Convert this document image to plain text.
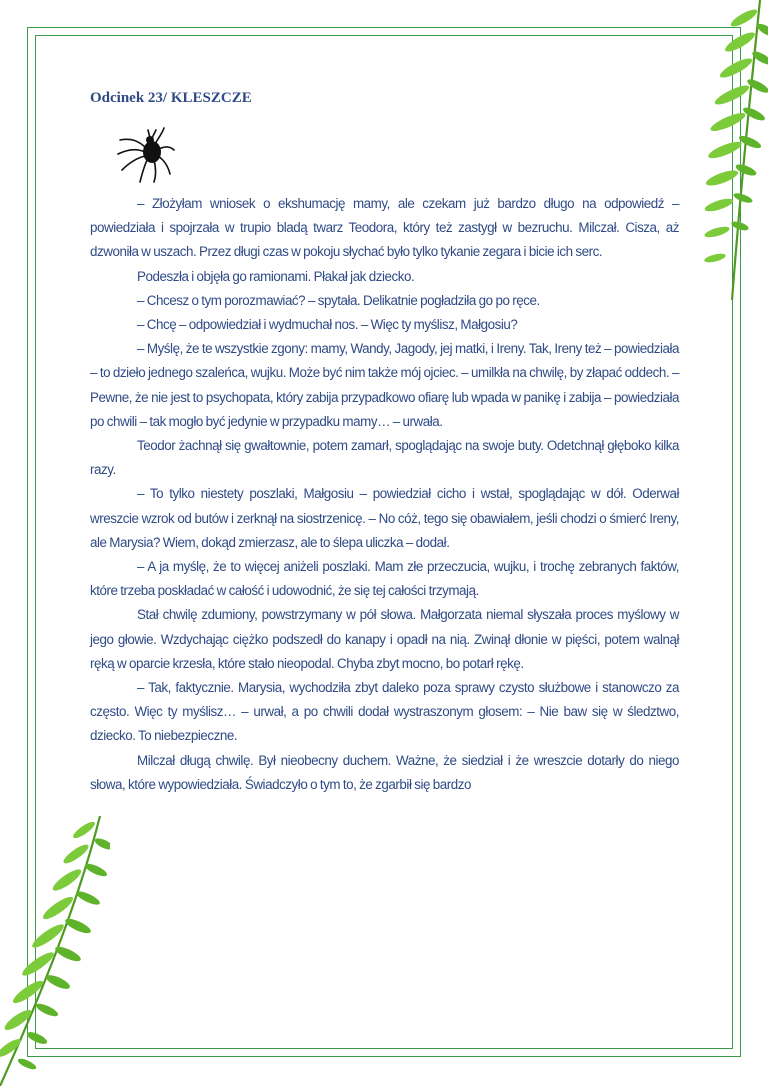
Odcinek 23/ KLESZCZE

– Złożyłam wniosek o ekshumację mamy, ale czekam już bardzo długo na odpowiedź – powiedziała i spojrzała w trupio bladą twarz Teodora, który też zastygł w bezruchu. Milczał. Cisza, aż dzwoniła w uszach. Przez długi czas w pokoju słychać było tylko tykanie zegara i bicie ich serc.

Podeszła i objęła go ramionami. Płakał jak dziecko.

– Chcesz o tym porozmawiać? – spytała. Delikatnie pogładziła go po ręce.

– Chcę – odpowiedział i wydmuchał nos. – Więc ty myślisz, Małgosiu?

– Myślę, że te wszystkie zgony: mamy, Wandy, Jagody, jej matki, i Ireny. Tak, Ireny też – powiedziała – to dzieło jednego szaleńca, wujku. Może być nim także mój ojciec. – umilkła na chwilę, by złapać oddech. – Pewne, że nie jest to psychopata, który zabija przypadkowo ofiarę lub wpada w panikę i zabija – powiedziała po chwili – tak mogło być jedynie w przypadku mamy… – urwała.

Teodor żachnął się gwałtownie, potem zamarł, spoglądając na swoje buty. Odetchnął głęboko kilka razy.

– To tylko niestety poszlaki, Małgosiu – powiedział cicho i wstał, spoglądając w dół. Oderwał wreszcie wzrok od butów i zerknął na siostrzenicę. – No cóż, tego się obawiałem, jeśli chodzi o śmierć Ireny, ale Marysia? Wiem, dokąd zmierzasz, ale to ślepa uliczka – dodał.

– A ja myślę, że to więcej aniżeli poszlaki. Mam złe przeczucia, wujku, i trochę zebranych faktów, które trzeba poskładać w całość i udowodnić, że się tej całości trzymają.

Stał chwilę zdumiony, powstrzymany w pół słowa. Małgorzata niemal słyszała proces myślowy w jego głowie. Wzdychając ciężko podszedł do kanapy i opadł na nią. Zwinął dłonie w pięści, potem walnął ręką w oparcie krzesła, które stało nieopodal. Chyba zbyt mocno, bo potarł rękę.

– Tak, faktycznie. Marysia, wychodziła zbyt daleko poza sprawy czysto służbowe i stanowczo za często. Więc ty myślisz… – urwał, a po chwili dodał wystraszonym głosem: – Nie baw się w śledztwo, dziecko. To niebezpieczne.

Milczał długą chwilę. Był nieobecny duchem. Ważne, że siedział i że wreszcie dotarły do niego słowa, które wypowiedziała. Świadczyło o tym to, że zgarbił się bardzo
